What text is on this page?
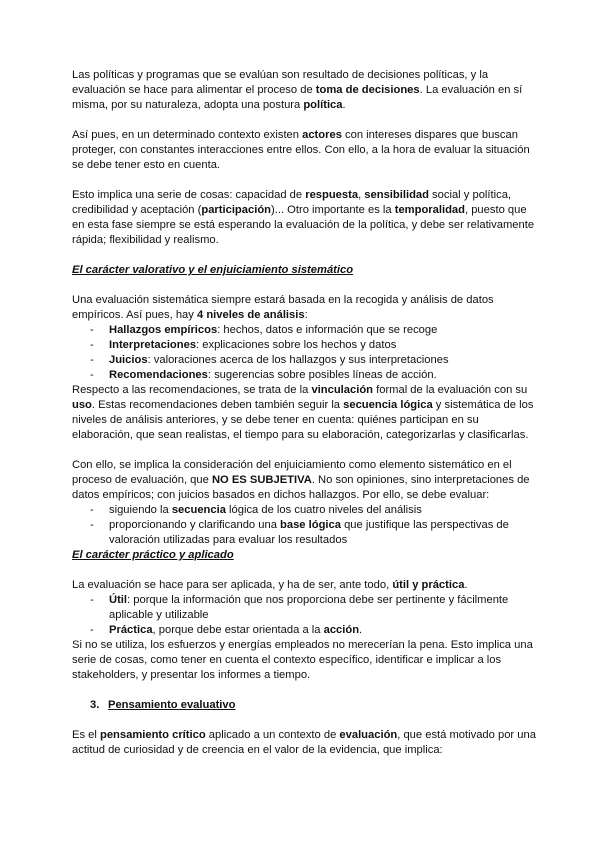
Las políticas y programas que se evalúan son resultado de decisiones políticas, y la evaluación se hace para alimentar el proceso de toma de decisiones. La evaluación en sí misma, por su naturaleza, adopta una postura política.

Así pues, en un determinado contexto existen actores con intereses dispares que buscan proteger, con constantes interacciones entre ellos. Con ello, a la hora de evaluar la situación se debe tener esto en cuenta.

Esto implica una serie de cosas: capacidad de respuesta, sensibilidad social y política, credibilidad y aceptación (participación)... Otro importante es la temporalidad, puesto que en esta fase siempre se está esperando la evaluación de la política, y debe ser relativamente rápida; flexibilidad y realismo.

El carácter valorativo y el enjuiciamiento sistemático

Una evaluación sistemática siempre estará basada en la recogida y análisis de datos empíricos. Así pues, hay 4 niveles de análisis:

- Hallazgos empíricos: hechos, datos e información que se recoge
- Interpretaciones: explicaciones sobre los hechos y datos
- Juicios: valoraciones acerca de los hallazgos y sus interpretaciones
- Recomendaciones: sugerencias sobre posibles líneas de acción.

Respecto a las recomendaciones, se trata de la vinculación formal de la evaluación con su uso. Estas recomendaciones deben también seguir la secuencia lógica y sistemática de los niveles de análisis anteriores, y se debe tener en cuenta: quiénes participan en su elaboración, que sean realistas, el tiempo para su elaboración, categorizarlas y clasificarlas.

Con ello, se implica la consideración del enjuiciamiento como elemento sistemático en el proceso de evaluación, que NO ES SUBJETIVA. No son opiniones, sino interpretaciones de datos empíricos; con juicios basados en dichos hallazgos. Por ello, se debe evaluar:

- siguiendo la secuencia lógica de los cuatro niveles del análisis
- proporcionando y clarificando una base lógica que justifique las perspectivas de valoración utilizadas para evaluar los resultados
El carácter práctico y aplicado

La evaluación se hace para ser aplicada, y ha de ser, ante todo, útil y práctica.

- Útil: porque la información que nos proporciona debe ser pertinente y fácilmente aplicable y utilizable
- Práctica, porque debe estar orientada a la acción.

Si no se utiliza, los esfuerzos y energías empleados no merecerían la pena. Esto implica una serie de cosas, como tener en cuenta el contexto específico, identificar e implicar a los stakeholders, y presentar los informes a tiempo.

3. Pensamiento evaluativo

Es el pensamiento crítico aplicado a un contexto de evaluación, que está motivado por una actitud de curiosidad y de creencia en el valor de la evidencia, que implica:
